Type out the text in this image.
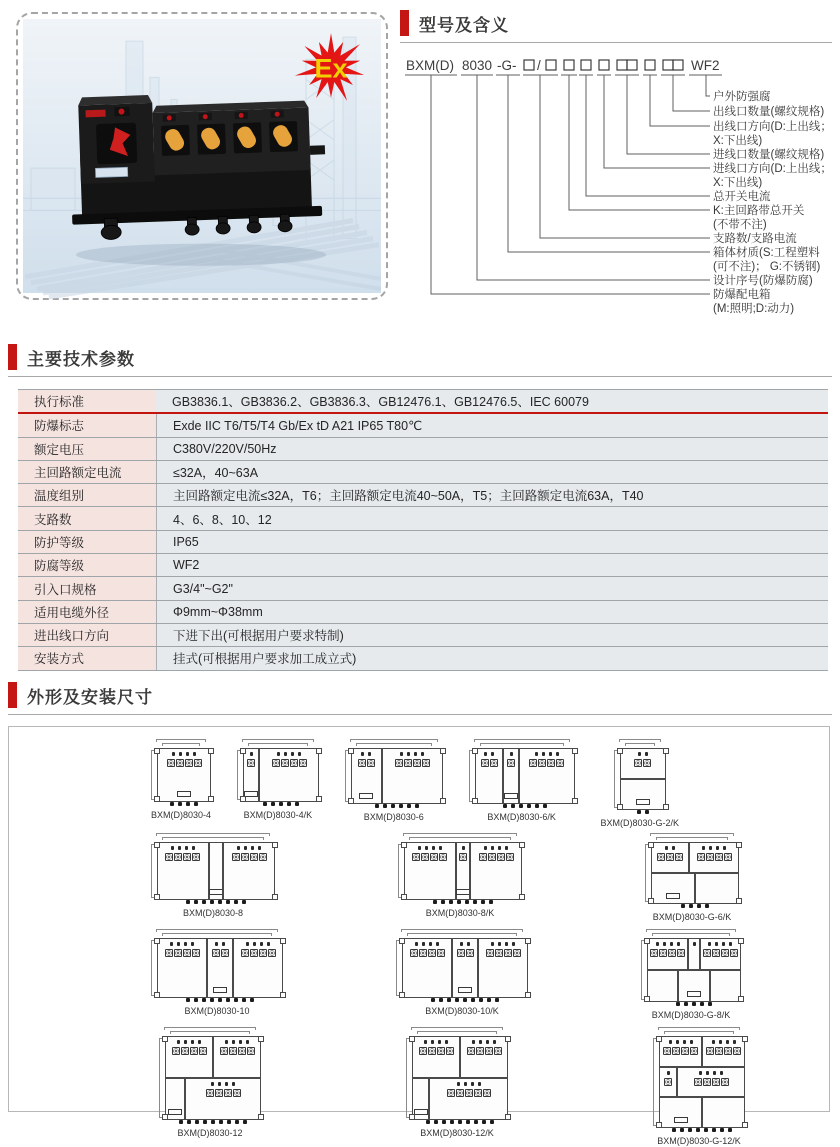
Ex
型号及含义
BXM(D) 8030 -G- /	WF2
户外防强腐
出线口数量(螺纹规格)
出线口方向(D:上出线；
X:下出线)
进线口数量(螺纹规格)
进线口方向(D:上出线；
X:下出线)
总开关电流
K:主回路带总开关
(不带不注)
支路数/支路电流
箱体材质(S:工程塑料
(可不注)； G:不锈钢)
设计序号(防爆防腐)
防爆配电箱
(M:照明;D:动力)
主要技术参数
执行标准	GB3836.1、GB3836.2、GB3836.3、GB12476.1、GB12476.5、IEC 60079
防爆标志	Exde IIC T6/T5/T4 Gb/Ex tD A21 IP65 T80℃
额定电压	C380V/220V/50Hz
主回路额定电流	≤32A，40~63A
温度组别	主回路额定电流≤32A，T6；主回路额定电流40~50A，T5；主回路额定电流63A，T40
支路数	4、6、8、10、12
防护等级	IP65
防腐等级	WF2
引入口规格	G3/4"~G2"
适用电缆外径	Φ9mm~Φ38mm
进出线口方向	下进下出(可根据用户要求特制)
安装方式	挂式(可根据用户要求加工成立式)
外形及安装尺寸
BXM(D)8030-4	BXM(D)8030-4/K	BXM(D)8030-6	BXM(D)8030-6/K
BXM(D)8030-G-2/K
BXM(D)8030-8	BXM(D)8030-8/K	BXM(D)8030-G-6/K
BXM(D)8030-10	BXM(D)8030-10/K	BXM(D)8030-G-8/K
BXM(D)8030-12	BXM(D)8030-12/K
BXM(D)8030-G-12/K
